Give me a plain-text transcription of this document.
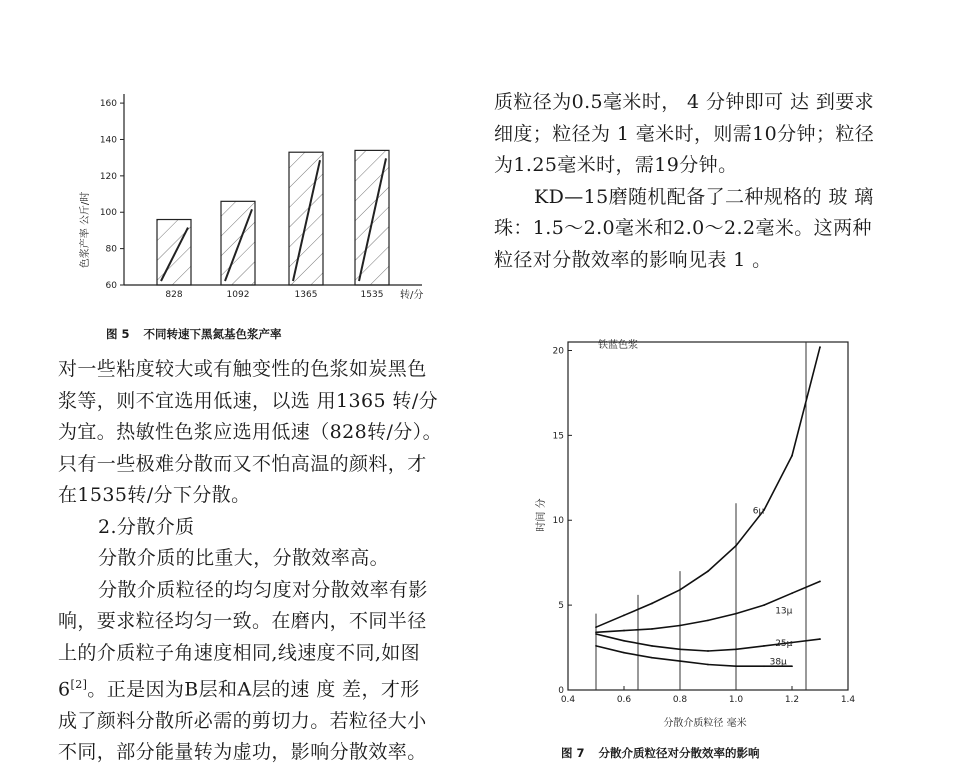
色浆产率 公斤/时
转/分
828	1092	1365	1535
160
140
120
100
80
60
图 5 不同转速下黑氮基色浆产率

对一些粘度较大或有触变性的色浆如炭黑色

浆等，则不宜选用低速，以选 用1365 转/分

为宜。热敏性色浆应选用低速（828转/分）。

只有一些极难分散而又不怕高温的颜料，才

在1535转/分下分散。

2.分散介质

分散介质的比重大，分散效率高。

分散介质粒径的均匀度对分散效率有影

响，要求粒径均匀一致。在磨内，不同半径

上的介质粒子角速度相同,线速度不同,如图

6[2]。正是因为B层和A层的速 度 差，才形

成了颜料分散所必需的剪切力。若粒径大小

不同，部分能量转为虚功，影响分散效率。

质粒径为0.5毫米时， 4 分钟即可 达 到要求

细度；粒径为 1 毫米时，则需10分钟；粒径

为1.25毫米时，需19分钟。

KD—15磨随机配备了二种规格的 玻 璃

珠：1.5～2.0毫米和2.0～2.2毫米。这两种

粒径对分散效率的影响见表 1 。

铁蓝色浆
时间 分
分散介质粒径 毫米
0
5
10
15
20
0.4	0.6	0.8	1.0	1.2	1.4
6μ
13μ
25μ
38μ
图 7 分散介质粒径对分散效率的影响
